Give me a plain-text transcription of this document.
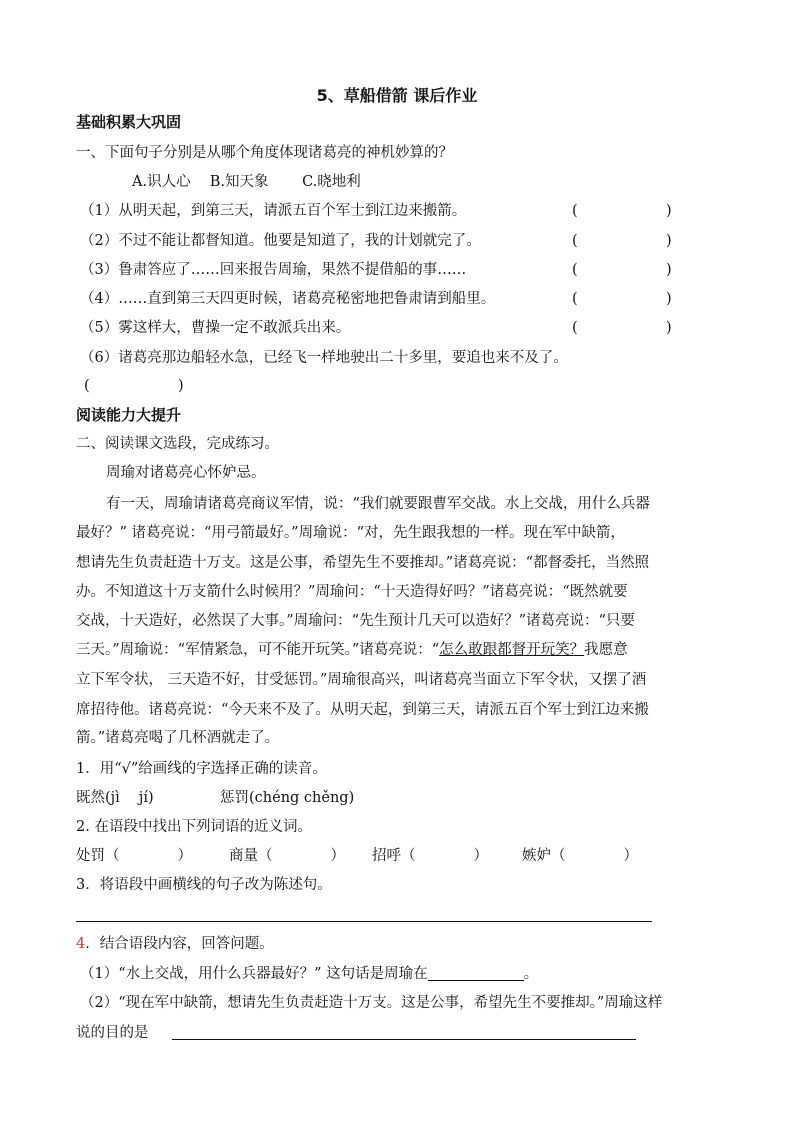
5、草船借箭 课后作业
基础积累大巩固
一、下面句子分别是从哪个角度体现诸葛亮的神机妙算的？
A.识人心　 B.知天象　 　C.晓地利
（1）从明天起，到第三天，请派五百个军士到江边来搬箭。	(	)
（2）不过不能让都督知道。他要是知道了，我的计划就完了。	(	)
（3）鲁肃答应了……回来报告周瑜，果然不提借船的事……	(	)
（4）……直到第三天四更时候，诸葛亮秘密地把鲁肃请到船里。	(	)
（5）雾这样大，曹操一定不敢派兵出来。	(	)
（6）诸葛亮那边船轻水急，已经飞一样地驶出二十多里，要追也来不及了。
(	)
阅读能力大提升
二、阅读课文选段，完成练习。
周瑜对诸葛亮心怀妒忌。
有一天，周瑜请诸葛亮商议军情，说：“我们就要跟曹军交战。水上交战，用什么兵器
最好？” 诸葛亮说：“用弓箭最好。”周瑜说：“对，先生跟我想的一样。现在军中缺箭，
想请先生负责赶造十万支。这是公事，希望先生不要推却。”诸葛亮说：“都督委托，当然照
办。不知道这十万支箭什么时候用？”周瑜问：“十天造得好吗？”诸葛亮说：“既然就要
交战，十天造好，必然误了大事。”周瑜问：“先生预计几天可以造好？”诸葛亮说：“只要
三天。”周瑜说：“军情紧急，可不能开玩笑。”诸葛亮说：“怎么敢跟都督开玩笑？我愿意
立下军令状， 三天造不好，甘受惩罚。”周瑜很高兴，叫诸葛亮当面立下军令状，又摆了酒
席招待他。诸葛亮说：“今天来不及了。从明天起，到第三天，请派五百个军士到江边来搬
箭。”诸葛亮喝了几杯酒就走了。
1．用“√”给画线的字选择正确的读音。
既然(jì　 jí)	惩罚(chéng chěng)
2. 在语段中找出下列词语的近义词。
处罚（　　　　）	商量（　　　　） 招呼（　　　　） 嫉妒（　　　　）
3．将语段中画横线的句子改为陈述句。
4．结合语段内容，回答问题。
（1）“水上交战，用什么兵器最好？” 这句话是周瑜在	。
（2）“现在军中缺箭，想请先生负责赶造十万支。这是公事，希望先生不要推却。”周瑜这样
说的目的是
